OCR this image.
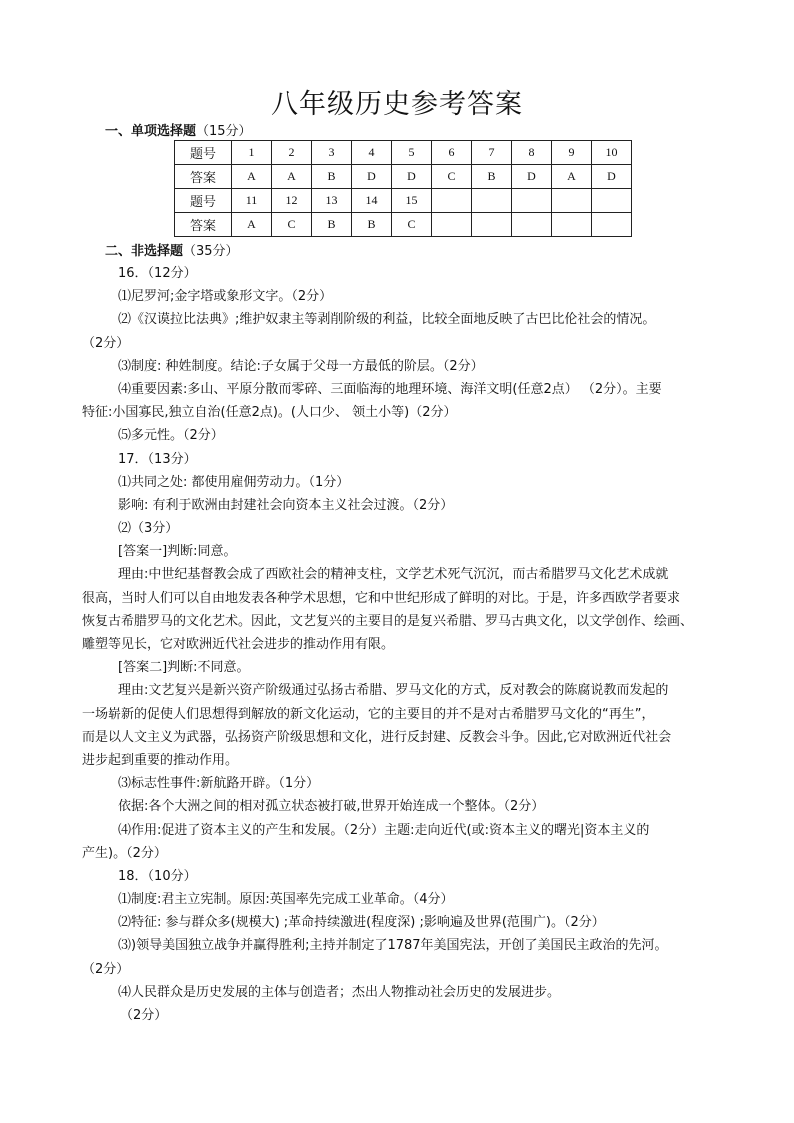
八年级历史参考答案
一、单项选择题（15分）
题号	1	2	3	4	5	6	7	8	9	10
答案	A	A	B	D	D	C	B	D	A	D
题号	11	12	13	14	15					
答案	A	C	B	B	C					
二、非选择题（35分）
16．（12分）
⑴尼罗河;金字塔或象形文字。（2分）
⑵《汉谟拉比法典》;维护奴隶主等剥削阶级的利益，比较全面地反映了古巴比伦社会的情况。
（2分）
⑶制度: 种姓制度。结论:子女属于父母一方最低的阶层。（2分）
⑷重要因素:多山、平原分散而零碎、三面临海的地理环境、海洋文明(任意2点） （2分）。主要
特征:小国寡民,独立自治(任意2点)。(人口少、 领土小等)（2分）
⑸多元性。（2分）
17．（13分）
⑴共同之处: 都使用雇佣劳动力。（1分）
影响: 有利于欧洲由封建社会向资本主义社会过渡。（2分）
⑵（3分）
[答案一]判断:同意。
理由:中世纪基督教会成了西欧社会的精神支柱，文学艺术死气沉沉，而古希腊罗马文化艺术成就
很高，当时人们可以自由地发表各种学术思想，它和中世纪形成了鲜明的对比。于是，许多西欧学者要求
恢复古希腊罗马的文化艺术。因此，文艺复兴的主要目的是复兴希腊、罗马古典文化，以文学创作、绘画、
雕塑等见长，它对欧洲近代社会进步的推动作用有限。
[答案二]判断:不同意。
理由:文艺复兴是新兴资产阶级通过弘扬古希腊、罗马文化的方式，反对教会的陈腐说教而发起的
一场崭新的促使人们思想得到解放的新文化运动，它的主要目的并不是对古希腊罗马文化的“再生”，
而是以人文主义为武器，弘扬资产阶级思想和文化，进行反封建、反教会斗争。因此,它对欧洲近代社会
进步起到重要的推动作用。
⑶标志性事件:新航路开辟。（1分）
依据:各个大洲之间的相对孤立状态被打破,世界开始连成一个整体。（2分）
⑷作用:促进了资本主义的产生和发展。（2分）主题:走向近代(或:资本主义的曙光|资本主义的
产生)。（2分）
18．（10分）
⑴制度:君主立宪制。原因:英国率先完成工业革命。（4分）
⑵特征: 参与群众多(规模大) ;革命持续激进(程度深) ;影响遍及世界(范围广)。（2分）
⑶)领导美国独立战争并赢得胜利;主持并制定了1787年美国宪法，开创了美国民主政治的先河。
（2分）
⑷人民群众是历史发展的主体与创造者；杰出人物推动社会历史的发展进步。
（2分）
